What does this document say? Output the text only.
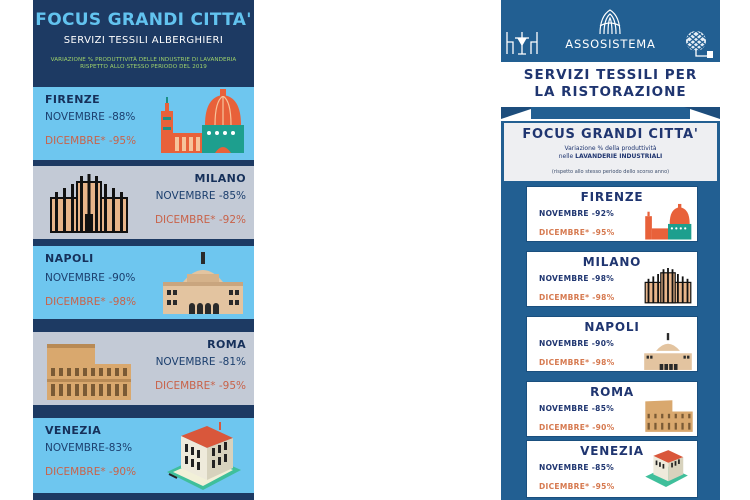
FOCUS GRANDI CITTA'
SERVIZI TESSILI ALBERGHIERI
VARIAZIONE % PRODUTTIVITÀ DELLE INDUSTRIE DI LAVANDERIA
RISPETTO ALLO STESSO PERIODO DEL 2019
FIRENZE
NOVEMBRE -88%
DICEMBRE* -95%
MILANO
NOVEMBRE -85%
DICEMBRE* -92%
NAPOLI
NOVEMBRE -90%
DICEMBRE* -98%
ROMA
NOVEMBRE -81%
DICEMBRE* -95%
VENEZIA
NOVEMBRE-83%
DICEMBRE* -90%
ASSOSISTEMA
SERVIZI TESSILI PER
LA RISTORAZIONE
FOCUS GRANDI CITTA'
Variazione % della produttività
nelle LAVANDERIE INDUSTRIALI
(rispetto allo stesso periodo dello scorso anno)
FIRENZE
NOVEMBRE -92%
DICEMBRE* -95%
MILANO
NOVEMBRE -98%
DICEMBRE* -98%
NAPOLI
NOVEMBRE -90%
DICEMBRE* -98%
ROMA
NOVEMBRE -85%
DICEMBRE* -90%
VENEZIA
NOVEMBRE -85%
DICEMBRE* -95%
